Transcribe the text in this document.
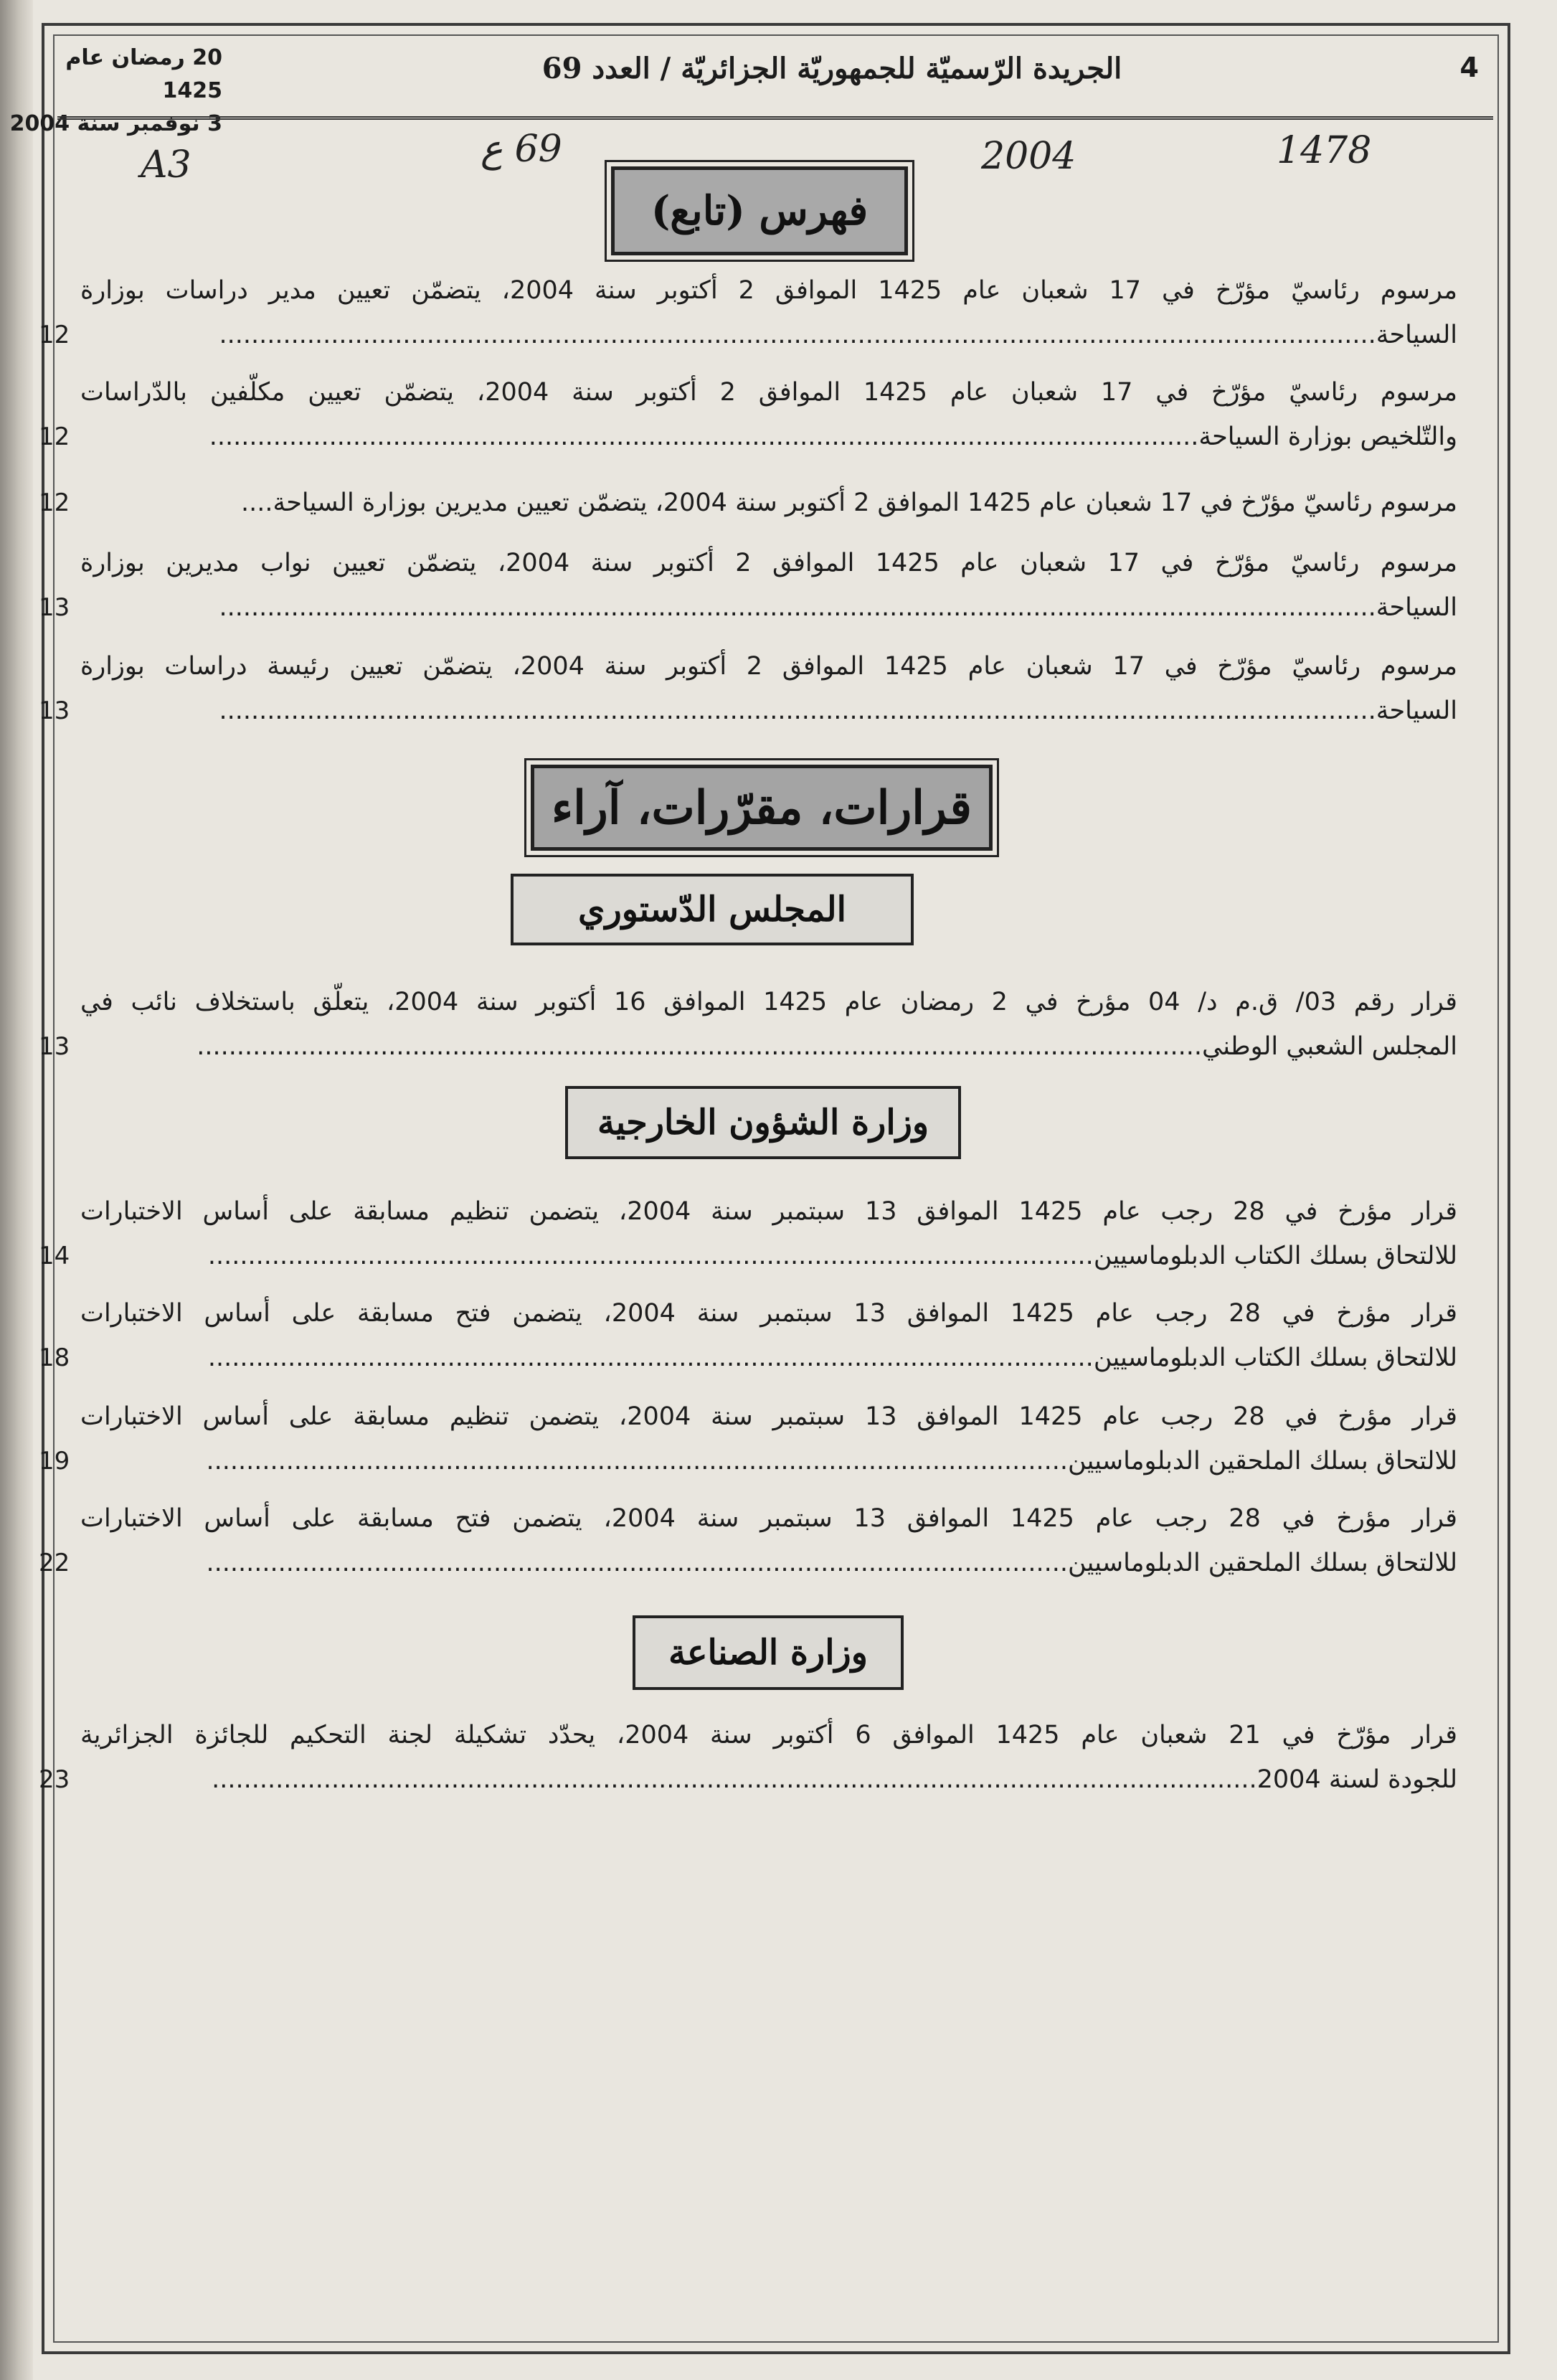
20 رمضان عام 1425
3 نوفمبر سنة 2004
الجريدة الرّسميّة للجمهوريّة الجزائريّة / العدد 69	4
A3	69 ع	2004	1478
فهرس (تابع)
مرسوم رئاسيّ مؤرّخ في 17 شعبان عام 1425 الموافق 2 أكتوبر سنة 2004، يتضمّن تعيين مدير دراسات بوزارة
السياحة.................................................................................................................................................
12
مرسوم رئاسيّ مؤرّخ في 17 شعبان عام 1425 الموافق 2 أكتوبر سنة 2004، يتضمّن تعيين مكلّفين بالدّراسات
والتّلخيص بوزارة السياحة............................................................................................................................
12
مرسوم رئاسيّ مؤرّخ في 17 شعبان عام 1425 الموافق 2 أكتوبر سنة 2004، يتضمّن تعيين مديرين بوزارة السياحة....
12
مرسوم رئاسيّ مؤرّخ في 17 شعبان عام 1425 الموافق 2 أكتوبر سنة 2004، يتضمّن تعيين نواب مديرين بوزارة
السياحة.................................................................................................................................................
13
مرسوم رئاسيّ مؤرّخ في 17 شعبان عام 1425 الموافق 2 أكتوبر سنة 2004، يتضمّن تعيين رئيسة دراسات بوزارة
السياحة.................................................................................................................................................
13
قرارات، مقرّرات، آراء
المجلس الدّستوري
قرار رقم 03/ ق.م د/ 04 مؤرخ في 2 رمضان عام 1425 الموافق 16 أكتوبر سنة 2004، يتعلّق باستخلاف نائب في
المجلس الشعبي الوطني..............................................................................................................................
13
وزارة الشؤون الخارجية
قرار مؤرخ في 28 رجب عام 1425 الموافق 13 سبتمبر سنة 2004، يتضمن تنظيم مسابقة على أساس الاختبارات
للالتحاق بسلك الكتاب الدبلوماسيين...............................................................................................................
14
قرار مؤرخ في 28 رجب عام 1425 الموافق 13 سبتمبر سنة 2004، يتضمن فتح مسابقة على أساس الاختبارات
للالتحاق بسلك الكتاب الدبلوماسيين...............................................................................................................
18
قرار مؤرخ في 28 رجب عام 1425 الموافق 13 سبتمبر سنة 2004، يتضمن تنظيم مسابقة على أساس الاختبارات
للالتحاق بسلك الملحقين الدبلوماسيين............................................................................................................
19
قرار مؤرخ في 28 رجب عام 1425 الموافق 13 سبتمبر سنة 2004، يتضمن فتح مسابقة على أساس الاختبارات
للالتحاق بسلك الملحقين الدبلوماسيين............................................................................................................
22
وزارة الصناعة
قرار مؤرّخ في 21 شعبان عام 1425 الموافق 6 أكتوبر سنة 2004، يحدّد تشكيلة لجنة التحكيم للجائزة الجزائرية
للجودة لسنة 2004...................................................................................................................................
23
